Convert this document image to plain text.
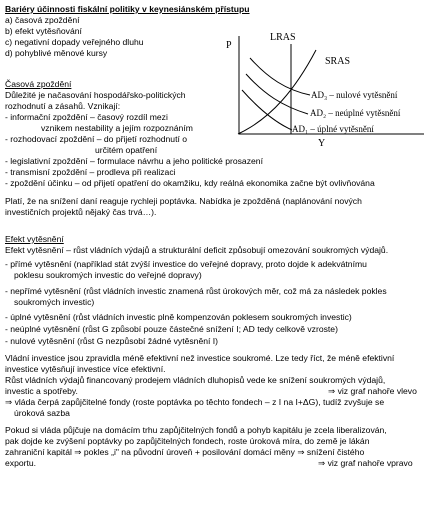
Bariéry účinnosti fiskální politiky v keynesiánském přístupu
a) časová zpoždění
b) efekt vytěsňování
c) negativní dopady veřejného dluhu
d) pohyblivé měnové kursy
Časová zpoždění
Důležité je načasování hospodářsko-politických
rozhodnutí a zásahů. Vznikají:
- informační zpoždění – časový rozdíl mezi
vznikem nestability a jejím rozpoznáním
- rozhodovací zpoždění – do přijetí rozhodnutí o
určitém opatření
- legislativní zpoždění – formulace návrhu a jeho politické prosazení
- transmisní zpoždění – prodleva při realizaci
- zpoždění účinku – od přijetí opatření do okamžiku, kdy reálná ekonomika začne být ovlivňována
Platí, že na snížení daní reaguje rychleji poptávka. Nabídka je zpožděná (naplánování nových
investičních projektů nějaký čas trvá…).
Efekt vytěsnění
Efekt vytěsnění – růst vládních výdajů a strukturální deficit způsobují omezování soukromých výdajů.
- přímé vytěsnění (například stát zvýší investice do veřejné dopravy, proto dojde k adekvátnímu
poklesu soukromých investic do veřejné dopravy)
- nepřímé vytěsnění (růst vládních investic znamená růst úrokových měr, což má za následek pokles
soukromých investic)
- úplné vytěsnění (růst vládních investic plně kompenzován poklesem soukromých investic)
- neúplné vytěsnění (růst G způsobí pouze částečné snížení I; AD tedy celkově vzroste)
- nulové vytěsnění (růst G nezpůsobí žádné vytěsnění I)
Vládní investice jsou zpravidla méně efektivní než investice soukromé. Lze tedy říct, že méně efektivní
investice vytěsňují investice více efektivní.
Růst vládních výdajů financovaný prodejem vládních dluhopisů vede ke snížení soukromých výdajů,
investic a spotřeby.	⇒ viz graf nahoře vlevo
⇒ vláda čerpá zapůjčitelné fondy (roste poptávka po těchto fondech – z I na I+ΔG), tudíž zvyšuje se
úroková sazba
Pokud si vláda půjčuje na domácím trhu zapůjčitelných fondů a pohyb kapitálu je zcela liberalizován,
pak dojde ke zvýšení poptávky po zapůjčitelných fondech, roste úroková míra, do země je lákán
zahraniční kapitál ⇒ pokles „i" na původní úroveň + posilování domácí měny ⇒ snížení čistého
exportu.	⇒ viz graf nahoře vpravo
P
Y
LRAS
SRAS
AD₃ – nulové vytěsnění
AD₂ – neúplné vytěsnění
AD₁ – úplné vytěsnění
